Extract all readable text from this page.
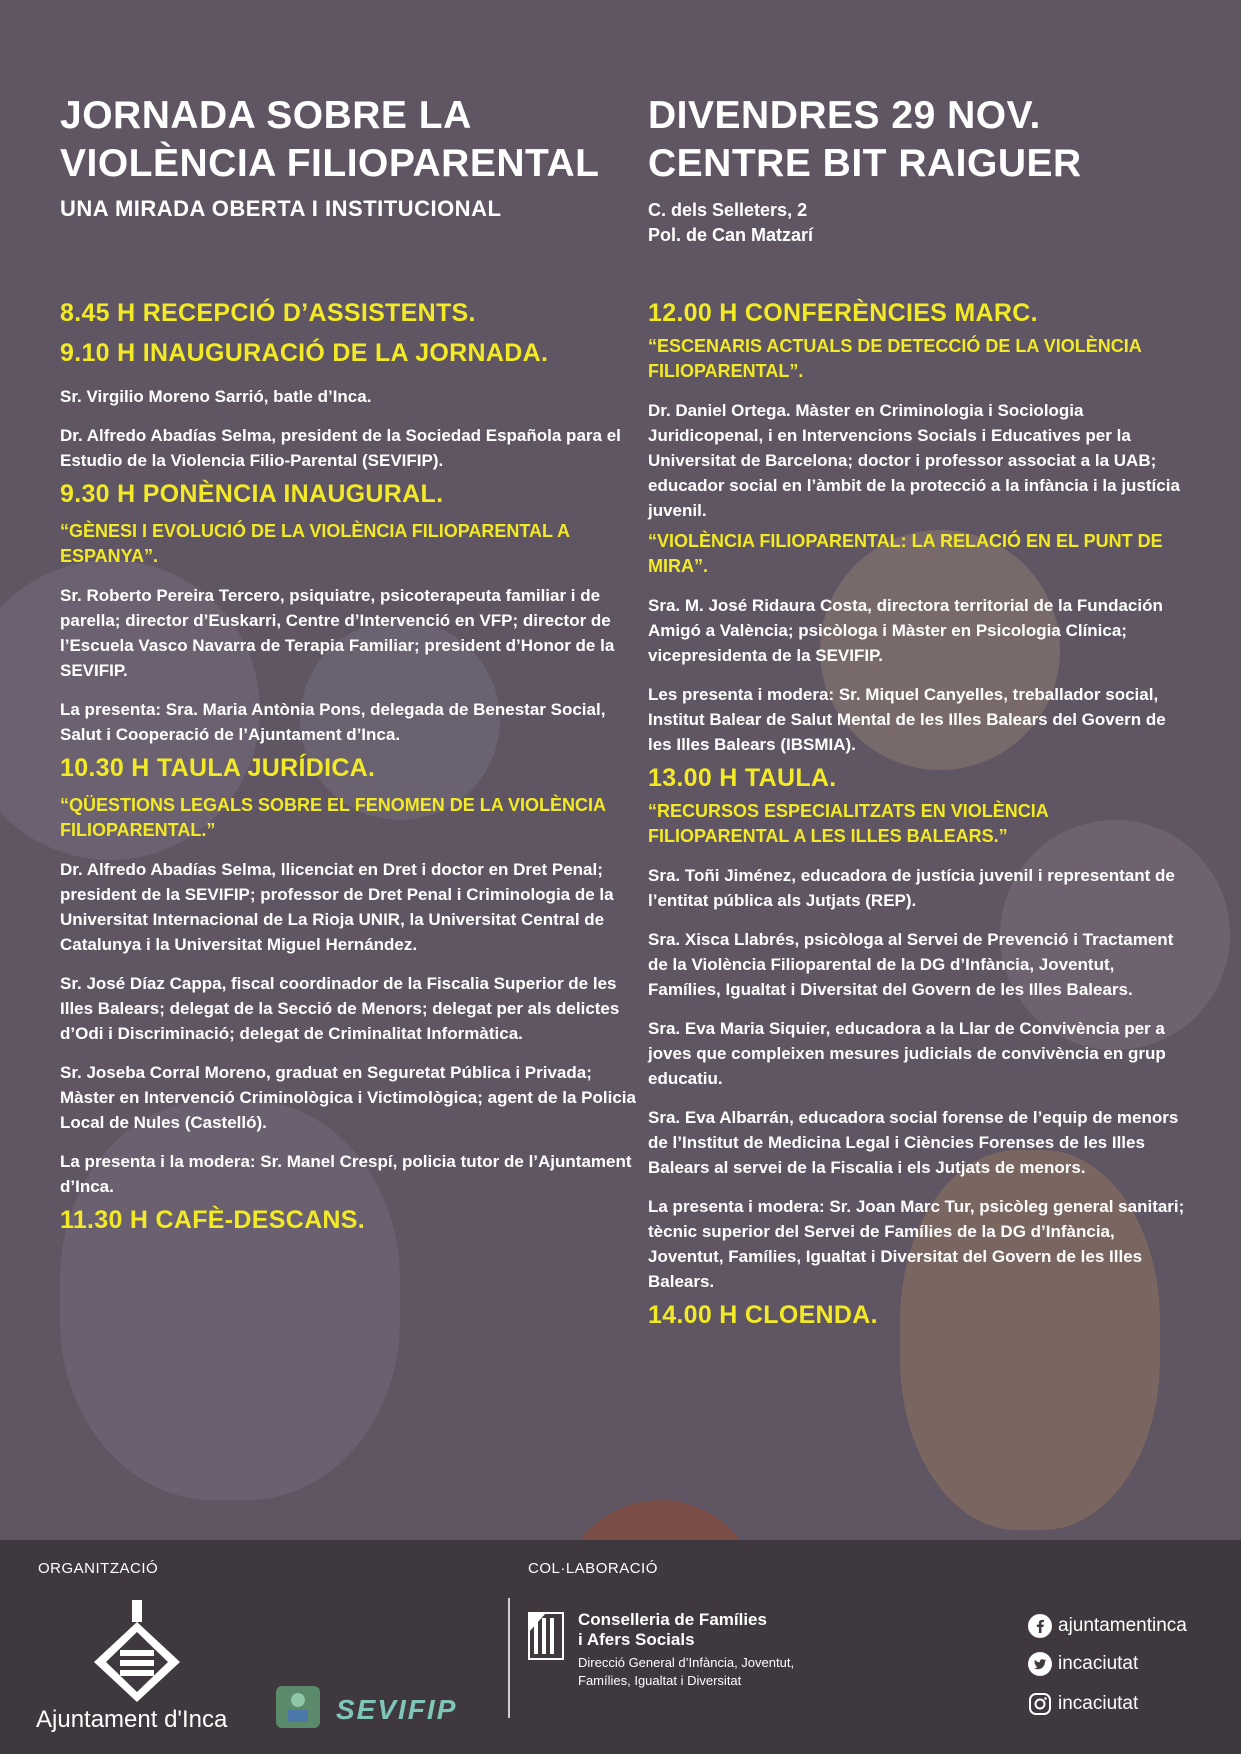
JORNADA SOBRE LA
VIOLÈNCIA FILIOPARENTAL
UNA MIRADA OBERTA I INSTITUCIONAL
DIVENDRES 29 NOV.
CENTRE BIT RAIGUER
C. dels Selleters, 2
Pol. de Can Matzarí
8.45 H RECEPCIÓ D’ASSISTENTS.
9.10 H INAUGURACIÓ DE LA JORNADA.
Sr. Virgilio Moreno Sarrió, batle d’Inca.
Dr. Alfredo Abadías Selma, president de la Sociedad Española para el Estudio de la Violencia Filio-Parental (SEVIFIP).
9.30 H PONÈNCIA INAUGURAL.
“GÈNESI I EVOLUCIÓ DE LA VIOLÈNCIA FILIOPARENTAL A ESPANYA”.
Sr. Roberto Pereira Tercero, psiquiatre, psicoterapeuta familiar i de parella; director d’Euskarri, Centre d’Intervenció en VFP; director de l’Escuela Vasco Navarra de Terapia Familiar; president d’Honor de la SEVIFIP.
La presenta: Sra. Maria Antònia Pons, delegada de Benestar Social, Salut i Cooperació de l’Ajuntament d’Inca.
10.30 H TAULA JURÍDICA.
“QÜESTIONS LEGALS SOBRE EL FENOMEN DE LA VIOLÈNCIA FILIOPARENTAL.”
Dr. Alfredo Abadías Selma, llicenciat en Dret i doctor en Dret Penal; president de la SEVIFIP; professor de Dret Penal i Criminologia de la Universitat Internacional de La Rioja UNIR, la Universitat Central de Catalunya i la Universitat Miguel Hernández.
Sr. José Díaz Cappa, fiscal coordinador de la Fiscalia Superior de les Illes Balears; delegat de la Secció de Menors; delegat per als delictes d’Odi i Discriminació; delegat de Criminalitat Informàtica.
Sr. Joseba Corral Moreno, graduat en Seguretat Pública i Privada; Màster en Intervenció Criminològica i Victimològica; agent de la Policia Local de Nules (Castelló).
La presenta i la modera: Sr. Manel Crespí, policia tutor de l’Ajuntament d’Inca.
11.30 H CAFÈ-DESCANS.
12.00 H CONFERÈNCIES MARC.
“ESCENARIS ACTUALS DE DETECCIÓ DE LA VIOLÈNCIA FILIOPARENTAL”.
Dr. Daniel Ortega. Màster en Criminologia i Sociologia Juridicopenal, i en Intervencions Socials i Educatives per la Universitat de Barcelona; doctor i professor associat a la UAB; educador social en l’àmbit de la protecció a la infància i la justícia juvenil.
“VIOLÈNCIA FILIOPARENTAL: LA RELACIÓ EN EL PUNT DE MIRA”.
Sra. M. José Ridaura Costa, directora territorial de la Fundación Amigó a València; psicòloga i Màster en Psicologia Clínica; vicepresidenta de la SEVIFIP.
Les presenta i modera: Sr. Miquel Canyelles, treballador social, Institut Balear de Salut Mental de les Illes Balears del Govern de les Illes Balears (IBSMIA).
13.00 H TAULA.
“RECURSOS ESPECIALITZATS EN VIOLÈNCIA FILIOPARENTAL A LES ILLES BALEARS.”
Sra. Toñi Jiménez, educadora de justícia juvenil i representant de l’entitat pública als Jutjats (REP).
Sra. Xisca Llabrés, psicòloga al Servei de Prevenció i Tractament de la Violència Filioparental de la DG d’Infància, Joventut, Famílies, Igualtat i Diversitat del Govern de les Illes Balears.
Sra. Eva Maria Siquier, educadora a la Llar de Convivència per a joves que compleixen mesures judicials de convivència en grup educatiu.
Sra. Eva Albarrán, educadora social forense de l’equip de menors de l’Institut de Medicina Legal i Ciències Forenses de les Illes Balears al servei de la Fiscalia i els Jutjats de menors.
La presenta i modera: Sr. Joan Marc Tur, psicòleg general sanitari; tècnic superior del Servei de Famílies de la DG d’Infància, Joventut, Famílies, Igualtat i Diversitat del Govern de les Illes Balears.
14.00 H CLOENDA.
ORGANITZACIÓ	COL·LABORACIÓ
Ajuntament d'Inca	SEVIFIP
Conselleria de Famílies
i Afers Socials
Direcció General d’Infància, Joventut,
Famílies, Igualtat i Diversitat
ajuntamentinca
incaciutat
incaciutat
